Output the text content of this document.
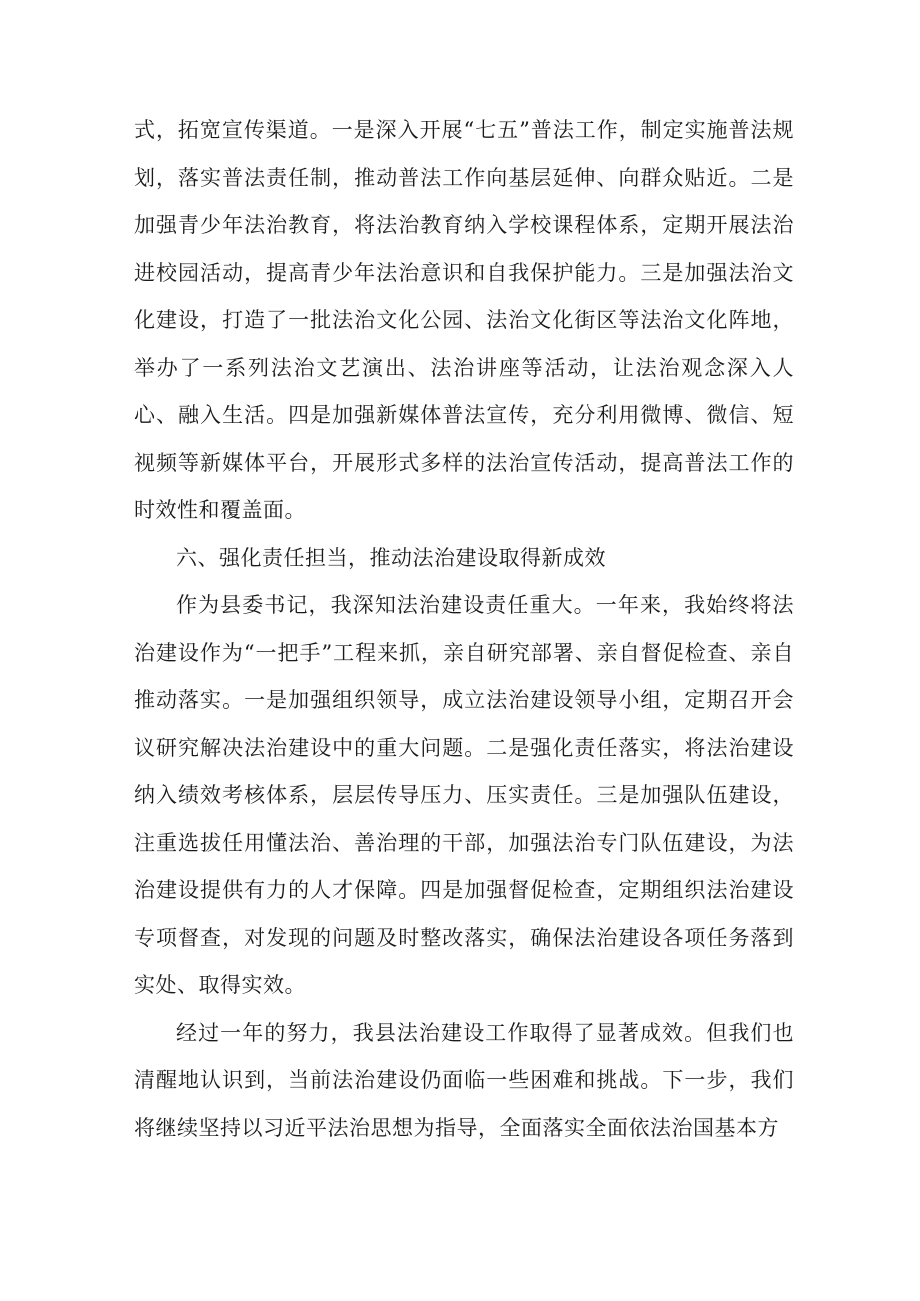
式，拓宽宣传渠道。一是深入开展“七五”普法工作，制定实施普法规划，落实普法责任制，推动普法工作向基层延伸、向群众贴近。二是加强青少年法治教育，将法治教育纳入学校课程体系，定期开展法治进校园活动，提高青少年法治意识和自我保护能力。三是加强法治文化建设，打造了一批法治文化公园、法治文化街区等法治文化阵地，举办了一系列法治文艺演出、法治讲座等活动，让法治观念深入人心、融入生活。四是加强新媒体普法宣传，充分利用微博、微信、短视频等新媒体平台，开展形式多样的法治宣传活动，提高普法工作的时效性和覆盖面。

六、强化责任担当，推动法治建设取得新成效

作为县委书记，我深知法治建设责任重大。一年来，我始终将法治建设作为“一把手”工程来抓，亲自研究部署、亲自督促检查、亲自推动落实。一是加强组织领导，成立法治建设领导小组，定期召开会议研究解决法治建设中的重大问题。二是强化责任落实，将法治建设纳入绩效考核体系，层层传导压力、压实责任。三是加强队伍建设，注重选拔任用懂法治、善治理的干部，加强法治专门队伍建设，为法治建设提供有力的人才保障。四是加强督促检查，定期组织法治建设专项督查，对发现的问题及时整改落实，确保法治建设各项任务落到实处、取得实效。

经过一年的努力，我县法治建设工作取得了显著成效。但我们也清醒地认识到，当前法治建设仍面临一些困难和挑战。下一步，我们将继续坚持以习近平法治思想为指导，全面落实全面依法治国基本方
